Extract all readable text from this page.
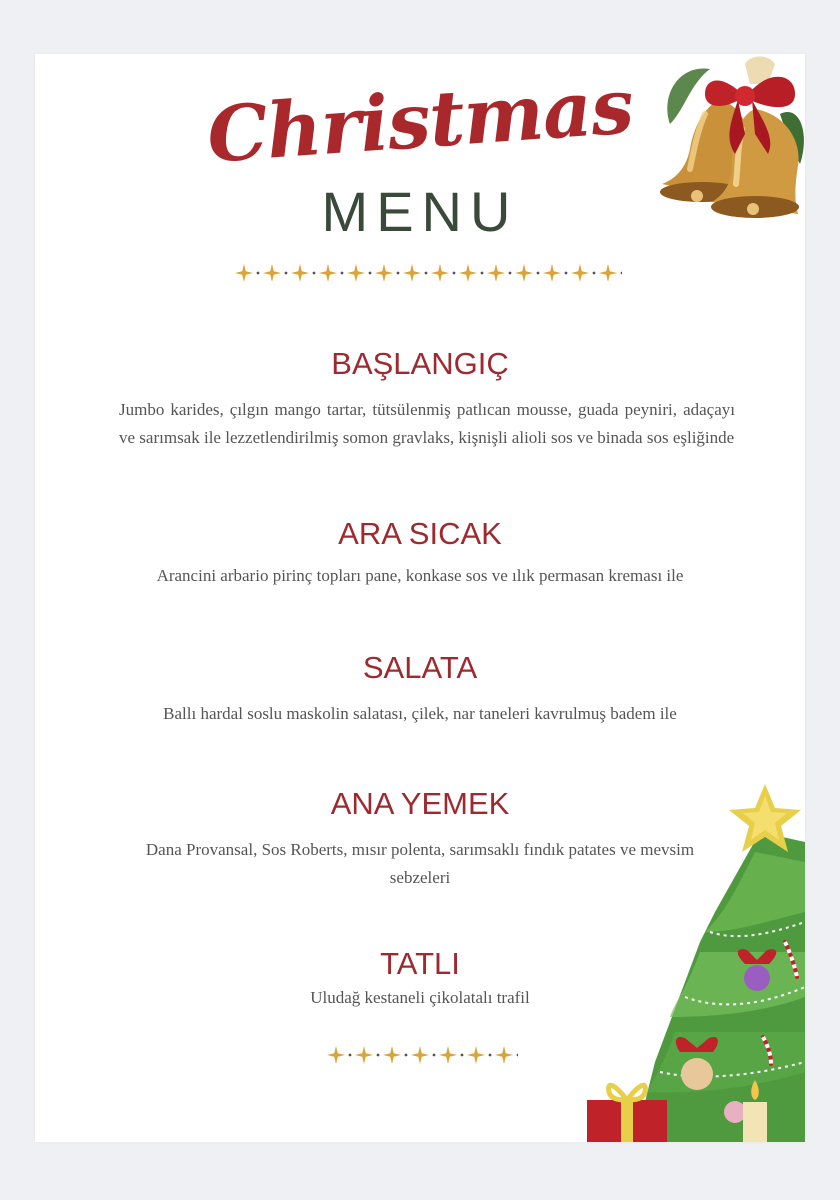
Christmas
MENU
BAŞLANGIÇ
Jumbo karides, çılgın mango tartar, tütsülenmiş patlıcan mousse, guada peyniri, adaçayı ve sarımsak ile lezzetlendirilmiş somon gravlaks, kişnişli alioli sos ve binada sos eşliğinde
ARA SICAK
Arancini arbario pirinç topları pane, konkase sos ve ılık permasan kreması ile
SALATA
Ballı hardal soslu maskolin salatası, çilek, nar taneleri kavrulmuş badem ile
ANA YEMEK
Dana Provansal, Sos Roberts, mısır polenta, sarımsaklı fındık patates ve mevsim sebzeleri
TATLI
Uludağ kestaneli çikolatalı trafil
